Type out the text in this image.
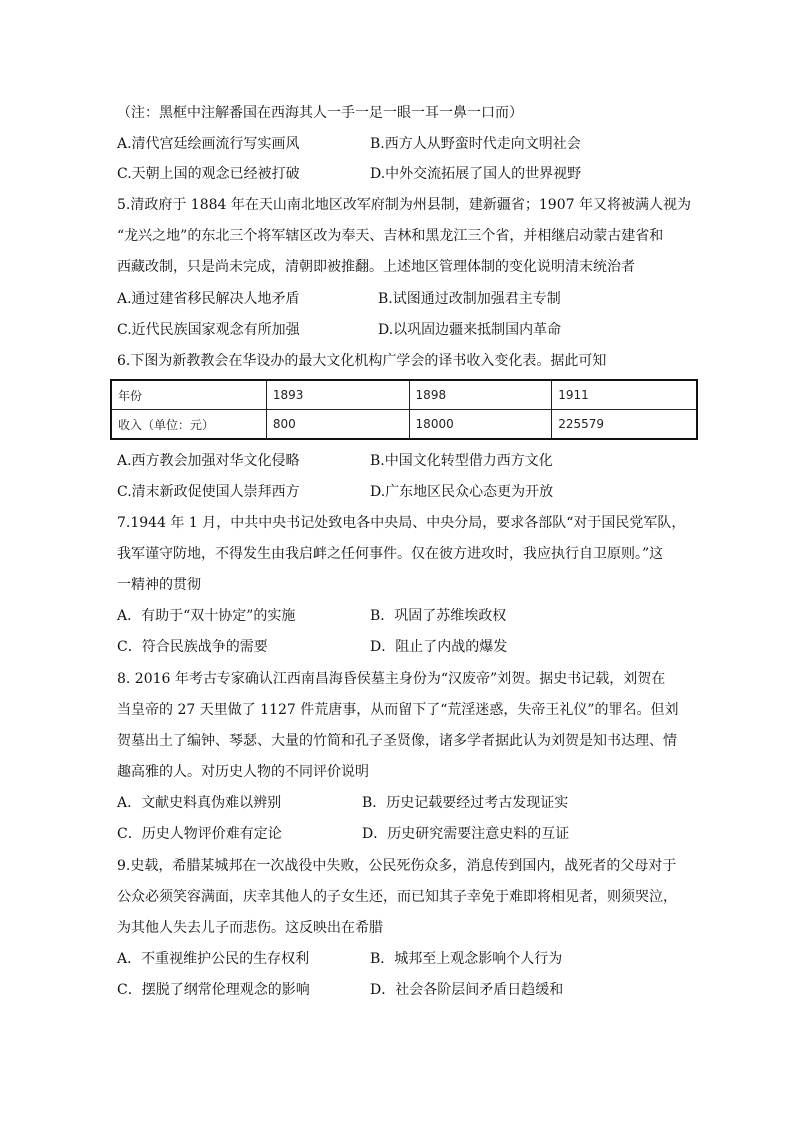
（注：黑框中注解番国在西海其人一手一足一眼一耳一鼻一口而）
A.清代宫廷绘画流行写实画风	B.西方人从野蛮时代走向文明社会
C.天朝上国的观念已经被打破	D.中外交流拓展了国人的世界视野
5.清政府于 1884 年在天山南北地区改军府制为州县制，建新疆省；1907 年又将被满人视为
“龙兴之地”的东北三个将军辖区改为奉天、吉林和黑龙江三个省，并相继启动蒙古建省和
西藏改制，只是尚未完成，清朝即被推翻。上述地区管理体制的变化说明清末统治者
A.通过建省移民解决人地矛盾	B.试图通过改制加强君主专制
C.近代民族国家观念有所加强	D.以巩固边疆来抵制国内革命
6.下图为新教教会在华设办的最大文化机构广学会的译书收入变化表。据此可知
年份	1893	1898	1911
收入（单位：元）	800	18000	225579
A.西方教会加强对华文化侵略	B.中国文化转型借力西方文化
C.清末新政促使国人崇拜西方	D.广东地区民众心态更为开放
7.1944 年 1 月，中共中央书记处致电各中央局、中央分局，要求各部队“对于国民党军队，
我军谨守防地，不得发生由我启衅之任何事件。仅在彼方进攻时，我应执行自卫原则。”这
一精神的贯彻
A．有助于“双十协定”的实施	B．巩固了苏维埃政权
C．符合民族战争的需要	D．阻止了内战的爆发
8. 2016 年考古专家确认江西南昌海昏侯墓主身份为“汉废帝”刘贺。据史书记载，刘贺在
当皇帝的 27 天里做了 1127 件荒唐事，从而留下了“荒淫迷惑，失帝王礼仪”的罪名。但刘
贺墓出土了编钟、琴瑟、大量的竹简和孔子圣贤像，诸多学者据此认为刘贺是知书达理、情
趣高雅的人。对历史人物的不同评价说明
A．文献史料真伪难以辨别	B．历史记载要经过考古发现证实
C．历史人物评价难有定论	D．历史研究需要注意史料的互证
9.史载，希腊某城邦在一次战役中失败，公民死伤众多，消息传到国内，战死者的父母对于
公众必须笑容满面，庆幸其他人的子女生还，而已知其子幸免于难即将相见者，则须哭泣，
为其他人失去儿子而悲伤。这反映出在希腊
A．不重视维护公民的生存权利	B．城邦至上观念影响个人行为
C．摆脱了纲常伦理观念的影响	D．社会各阶层间矛盾日趋缓和
